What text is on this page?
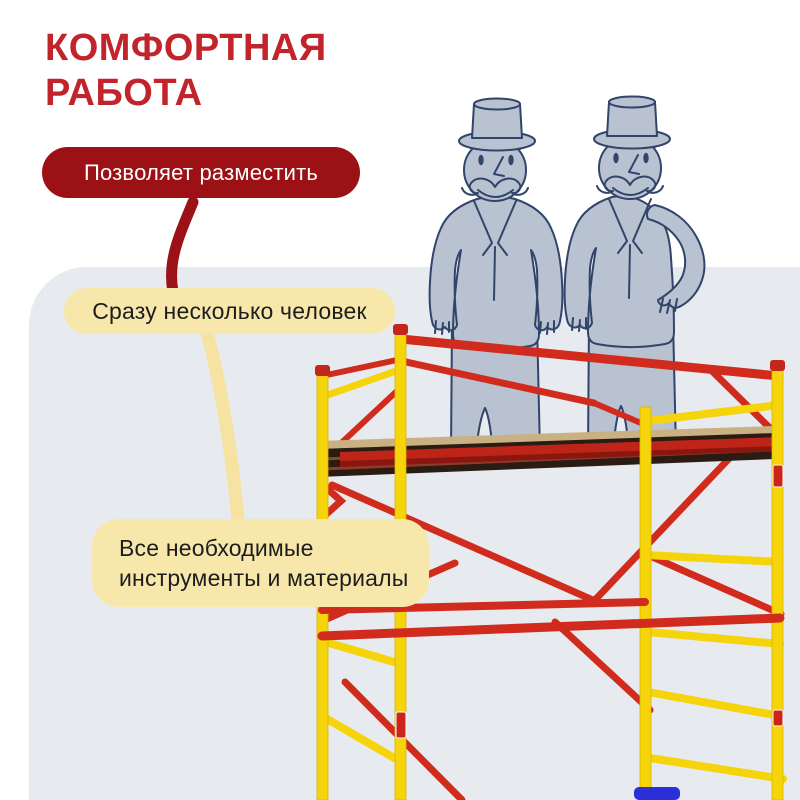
КОМФОРТНАЯ
РАБОТА
Позволяет разместить
Сразу несколько человек
Все необходимые
инструменты и материалы
